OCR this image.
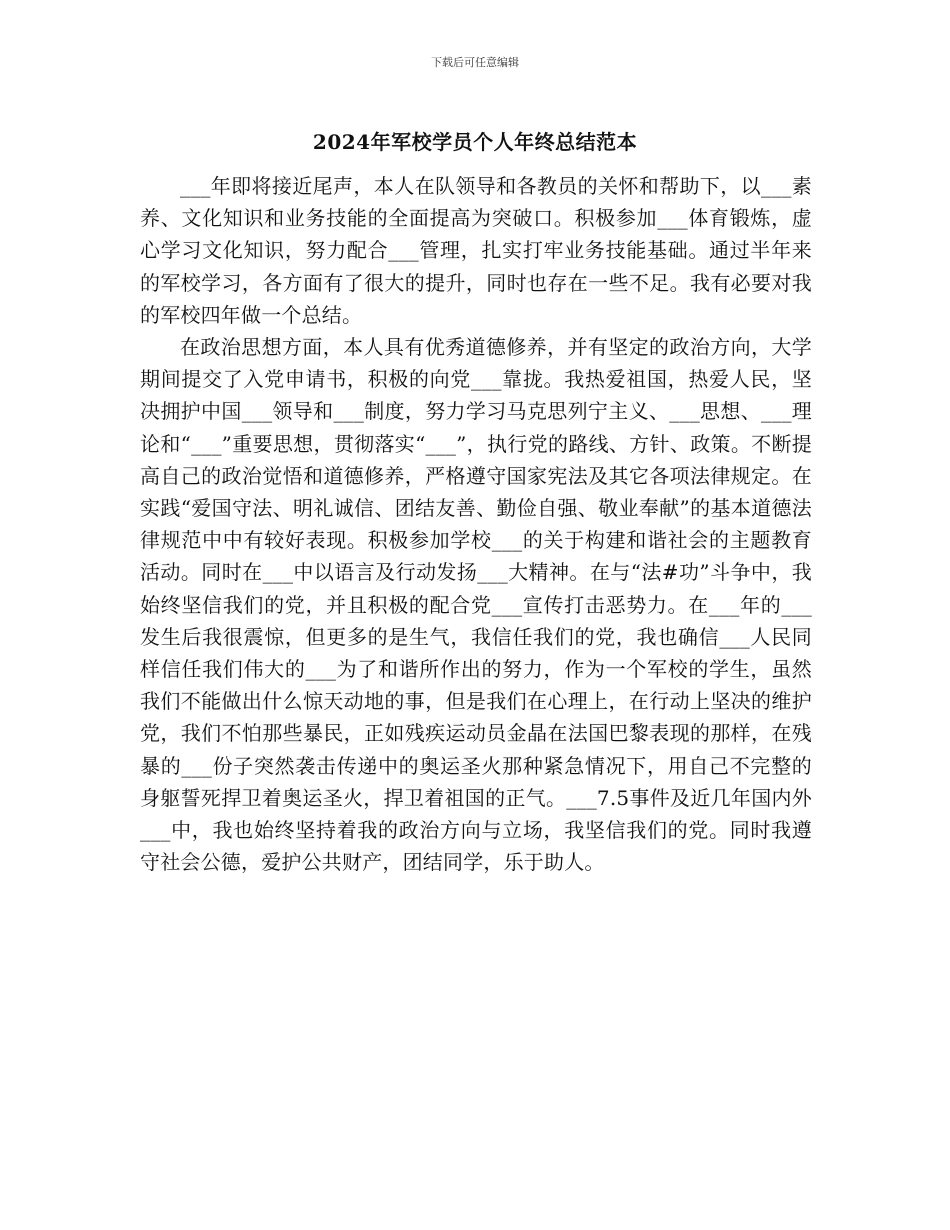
下载后可任意编辑
2024年军校学员个人年终总结范本

___年即将接近尾声，本人在队领导和各教员的关怀和帮助下，以___素养、文化知识和业务技能的全面提高为突破口。积极参加___体育锻炼，虚心学习文化知识，努力配合___管理，扎实打牢业务技能基础。通过半年来的军校学习，各方面有了很大的提升，同时也存在一些不足。我有必要对我的军校四年做一个总结。

在政治思想方面，本人具有优秀道德修养，并有坚定的政治方向，大学期间提交了入党申请书，积极的向党___靠拢。我热爱祖国，热爱人民，坚决拥护中国___领导和___制度，努力学习马克思列宁主义、___思想、___理论和“___”重要思想，贯彻落实“___”，执行党的路线、方针、政策。不断提高自己的政治觉悟和道德修养，严格遵守国家宪法及其它各项法律规定。在实践“爱国守法、明礼诚信、团结友善、勤俭自强、敬业奉献”的基本道德法律规范中中有较好表现。积极参加学校___的关于构建和谐社会的主题教育活动。同时在___中以语言及行动发扬___大精神。在与“法#功”斗争中，我始终坚信我们的党，并且积极的配合党___宣传打击恶势力。在___年的___发生后我很震惊，但更多的是生气，我信任我们的党，我也确信___人民同样信任我们伟大的___为了和谐所作出的努力，作为一个军校的学生，虽然我们不能做出什么惊天动地的事，但是我们在心理上，在行动上坚决的维护党，我们不怕那些暴民，正如残疾运动员金晶在法国巴黎表现的那样，在残暴的___份子突然袭击传递中的奥运圣火那种紧急情况下，用自己不完整的身躯誓死捍卫着奥运圣火，捍卫着祖国的正气。___7.5事件及近几年国内外___中，我也始终坚持着我的政治方向与立场，我坚信我们的党。同时我遵守社会公德，爱护公共财产，团结同学，乐于助人。
